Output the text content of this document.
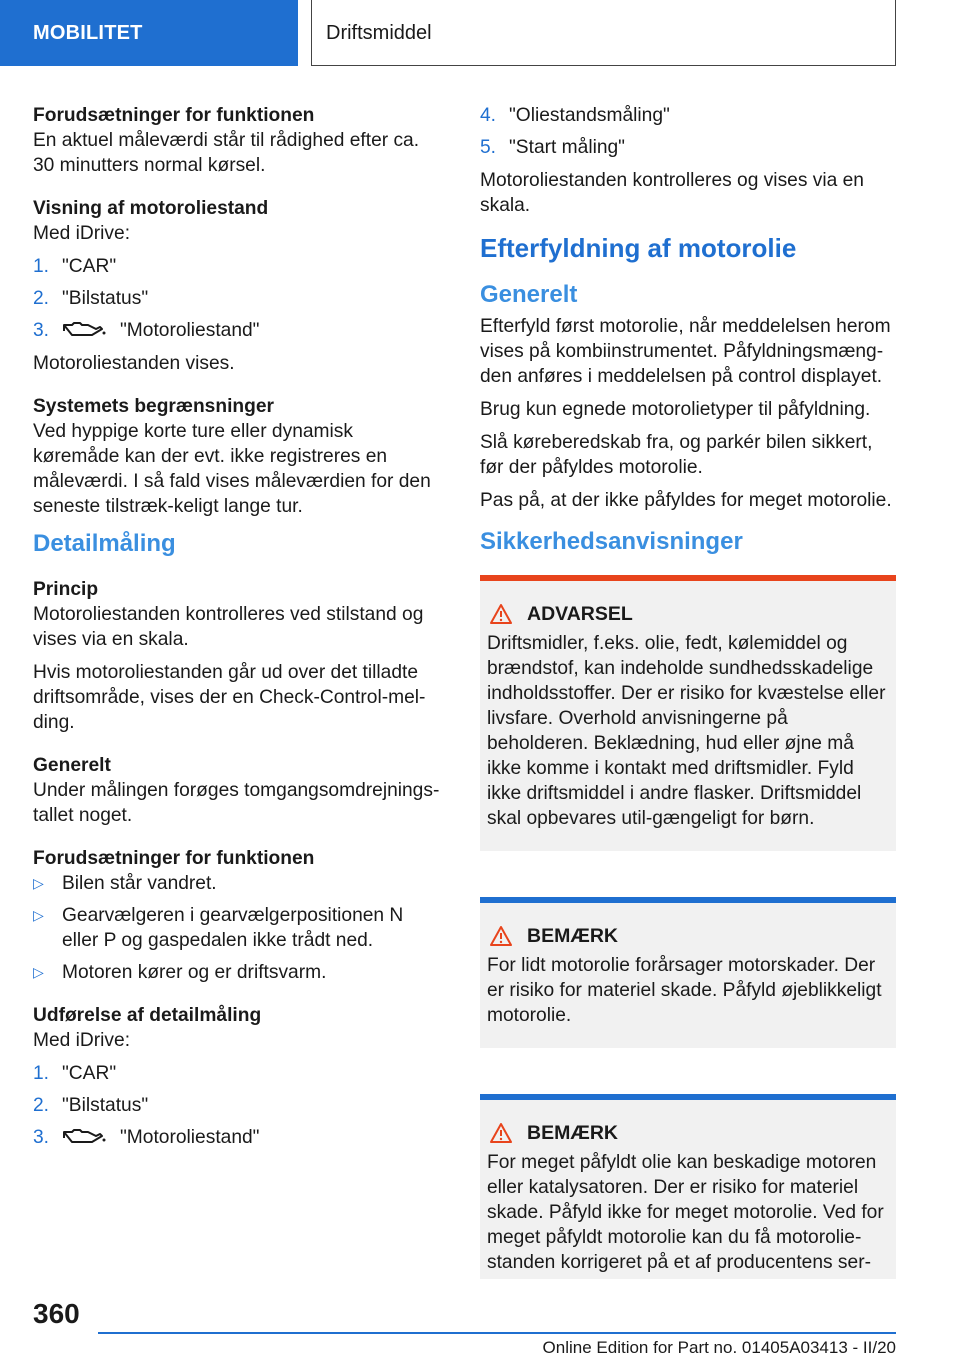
MOBILITET	Driftsmiddel

Forudsætninger for funktionen

En aktuel måleværdi står til rådighed efter ca. 30 minutters normal kørsel.

Visning af motoroliestand

Med iDrive:

1. "CAR"
2. "Bilstatus"
3.	"Motoroliestand"

Motoroliestanden vises.

Systemets begrænsninger

Ved hyppige korte ture eller dynamisk køremåde kan der evt. ikke registreres en måleværdi. I så fald vises måleværdien for den seneste tilstræk-keligt lange tur.

Detailmåling

Princip

Motoroliestanden kontrolleres ved stilstand og vises via en skala.

Hvis motoroliestanden går ud over det tilladte driftsområde, vises der en Check-Control-mel-ding.

Generelt

Under målingen forøges tomgangsomdrejnings-tallet noget.

Forudsætninger for funktionen

▷ Bilen står vandret.
▷ Gearvælgeren i gearvælgerpositionen N eller P og gaspedalen ikke trådt ned.
▷ Motoren kører og er driftsvarm.

Udførelse af detailmåling

Med iDrive:

1. "CAR"
2. "Bilstatus"
3.	"Motoroliestand"
4. "Oliestandsmåling"
5. "Start måling"

Motoroliestanden kontrolleres og vises via en skala.

Efterfyldning af motorolie
Generelt

Efterfyld først motorolie, når meddelelsen herom vises på kombiinstrumentet. Påfyldningsmæng-den anføres i meddelelsen på control displayet.

Brug kun egnede motorolietyper til påfyldning.

Slå køreberedskab fra, og parkér bilen sikkert, før der påfyldes motorolie.

Pas på, at der ikke påfyldes for meget motorolie.

Sikkerhedsanvisninger
ADVARSEL
Driftsmidler, f.eks. olie, fedt, kølemiddel og brændstof, kan indeholde sundhedsskadelige indholdsstoffer. Der er risiko for kvæstelse eller livsfare. Overhold anvisningerne på beholderen. Beklædning, hud eller øjne må ikke komme i kontakt med driftsmidler. Fyld ikke driftsmiddel i andre flasker. Driftsmiddel skal opbevares util-gængeligt for børn.
BEMÆRK
For lidt motorolie forårsager motorskader. Der er risiko for materiel skade. Påfyld øjeblikkeligt motorolie.
BEMÆRK
For meget påfyldt olie kan beskadige motoren eller katalysatoren. Der er risiko for materiel skade. Påfyld ikke for meget motorolie. Ved for meget påfyldt motorolie kan du få motorolie-standen korrigeret på et af producentens ser-
360
Online Edition for Part no. 01405A03413 - II/20
